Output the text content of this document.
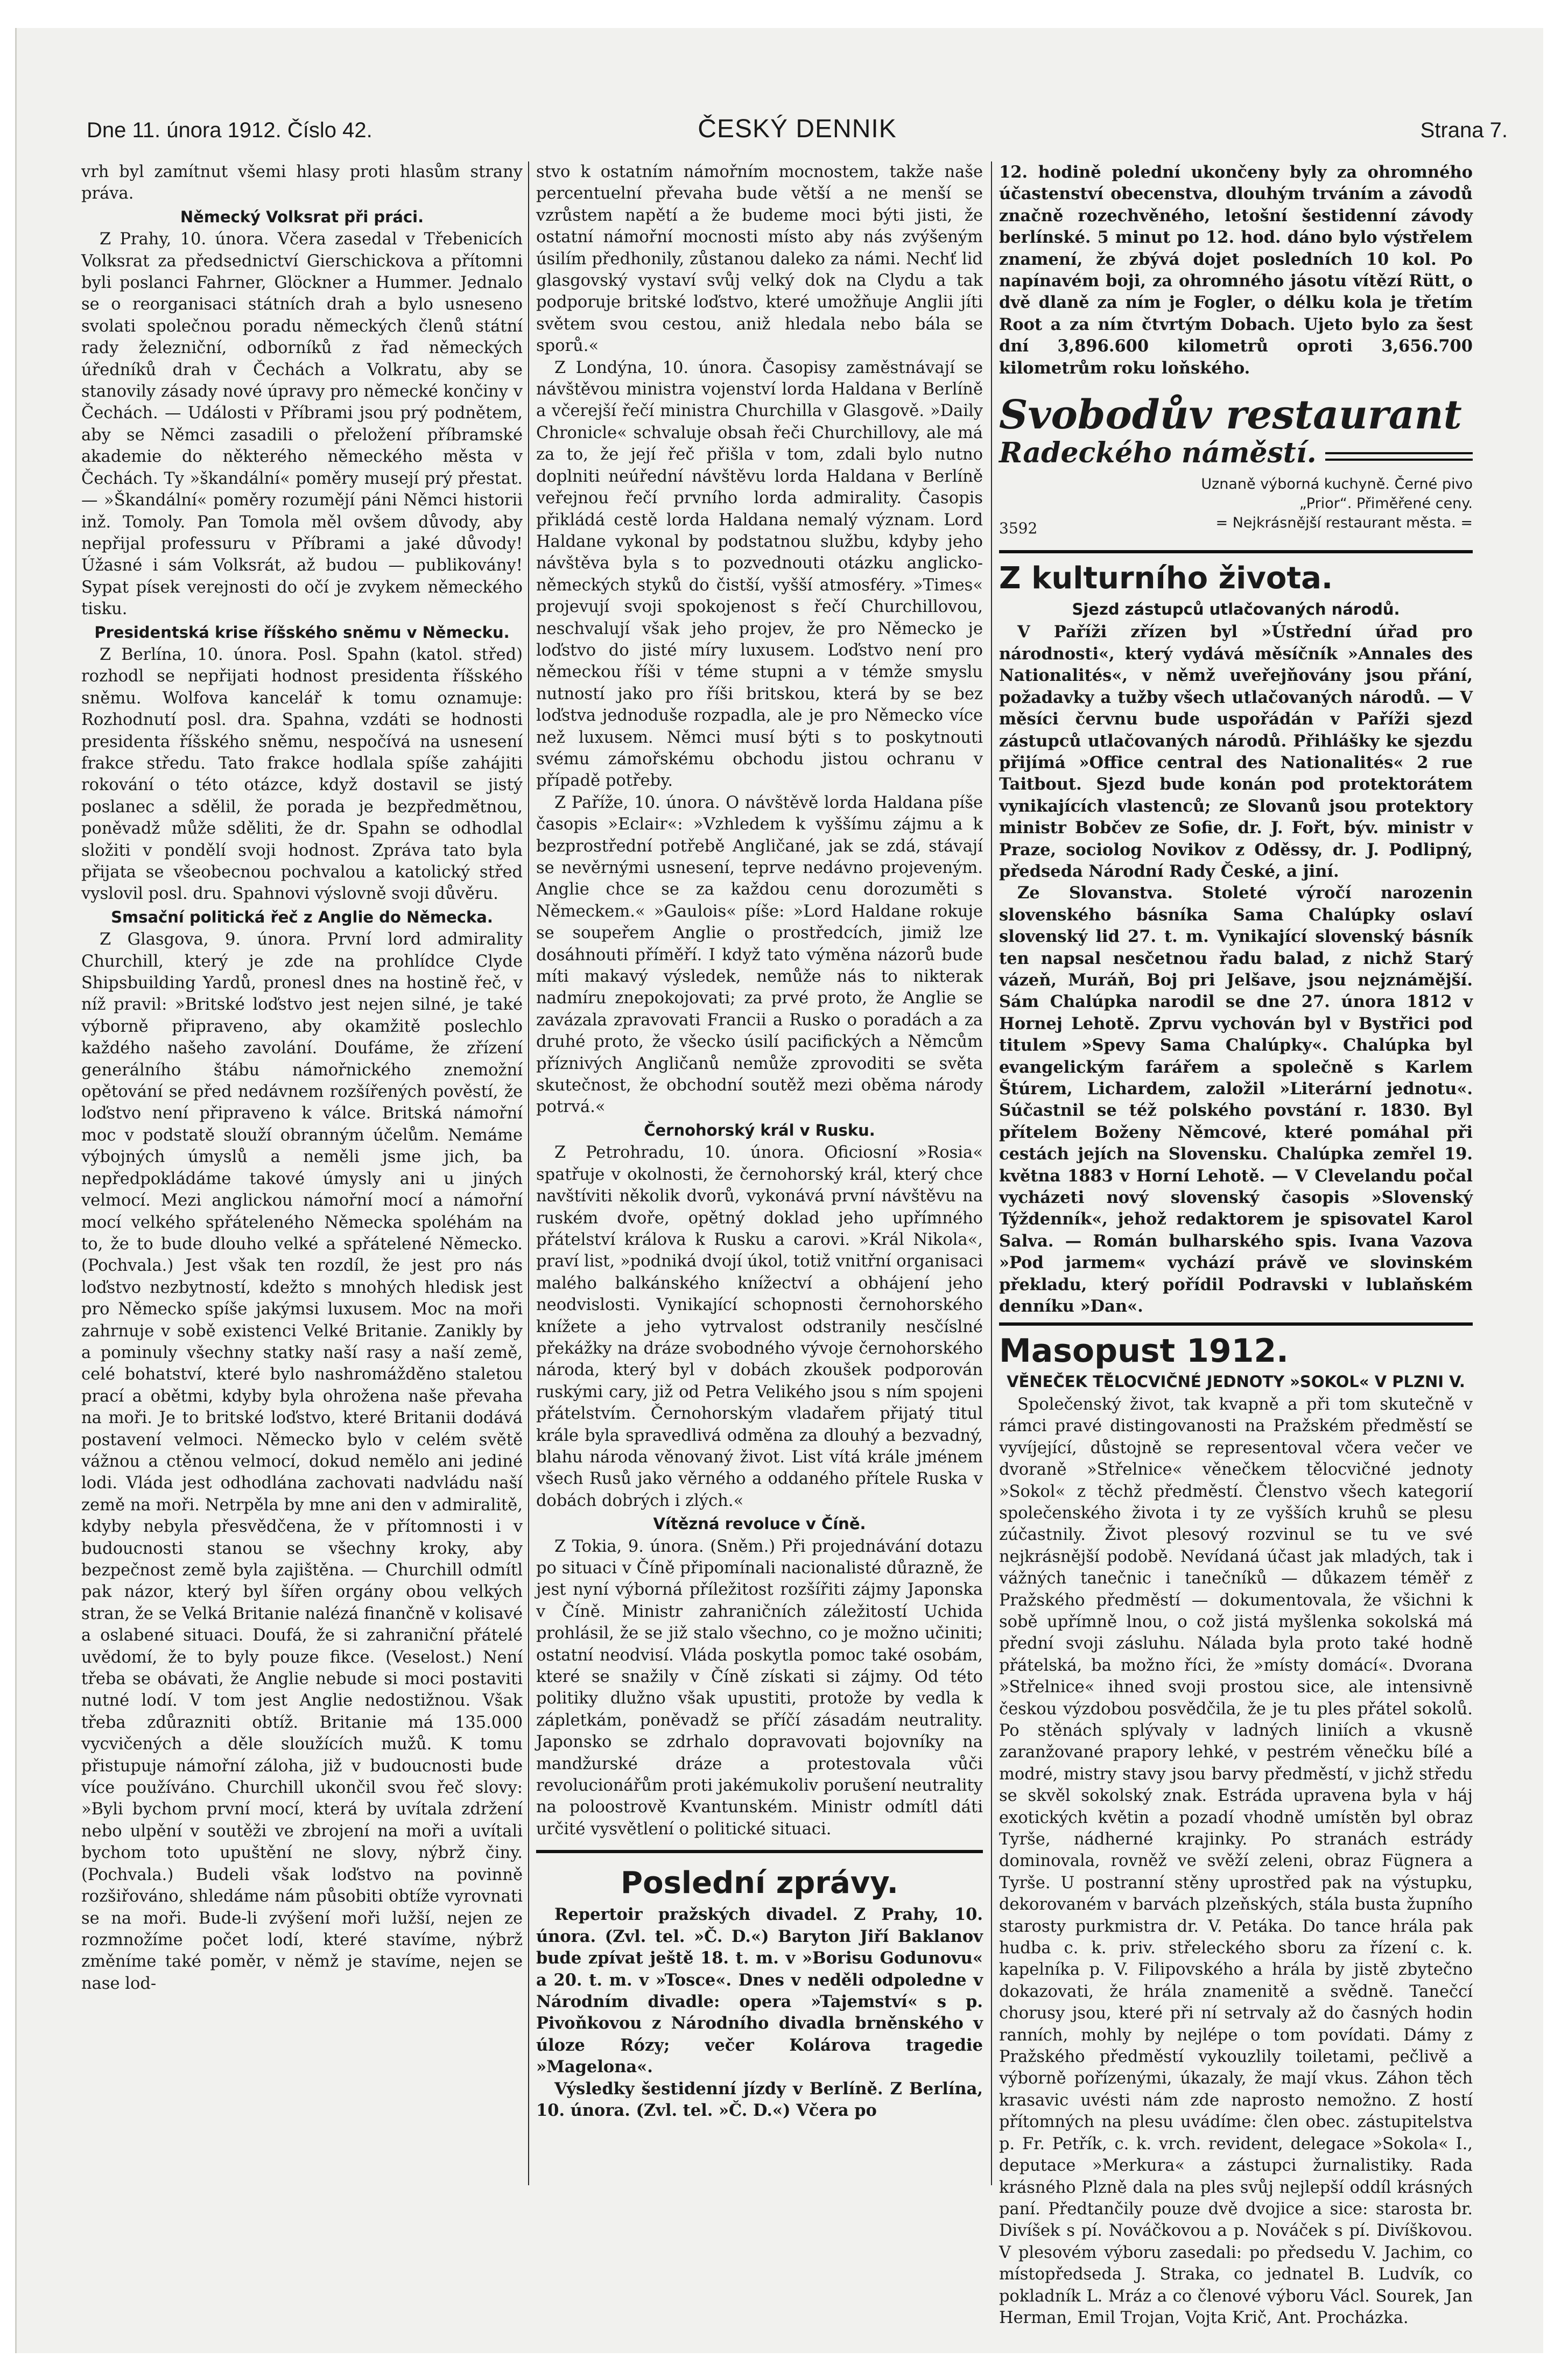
Dne 11. února 1912. Číslo 42.	ČESKÝ DENNIK	Strana 7.

vrh byl zamítnut všemi hlasy proti hlasům strany práva.

Německý Volksrat při práci.

Z Prahy, 10. února. Včera zasedal v Třebenicích Volksrat za předsednictví Gierschickova a přítomni byli poslanci Fahrner, Glöckner a Hummer. Jednalo se o reorganisaci státních drah a bylo usneseno svolati společnou poradu německých členů státní rady železniční, odborníků z řad německých úředníků drah v Čechách a Volkratu, aby se stanovily zásady nové úpravy pro německé končiny v Čechách. — Události v Příbrami jsou prý podnětem, aby se Němci zasadili o přeložení příbramské akademie do některého německého města v Čechách. Ty »škandální« poměry musejí prý přestat. — »Škandální« poměry rozumějí páni Němci historii inž. Tomoly. Pan Tomola měl ovšem důvody, aby nepřijal professuru v Příbrami a jaké důvody! Úžasné i sám Volksrát, až budou — publikovány! Sypat písek verejnosti do očí je zvykem německého tisku.

Presidentská krise říšského sněmu v Německu.

Z Berlína, 10. února. Posl. Spahn (katol. střed) rozhodl se nepřijati hodnost presidenta říšského sněmu. Wolfova kancelář k tomu oznamuje: Rozhodnutí posl. dra. Spahna, vzdáti se hodnosti presidenta říšského sněmu, nespočívá na usnesení frakce středu. Tato frakce hodlala spíše zahájiti rokování o této otázce, když dostavil se jistý poslanec a sdělil, že porada je bezpředmětnou, poněvadž může sděliti, že dr. Spahn se odhodlal složiti v pondělí svoji hodnost. Zpráva tato byla přijata se všeobecnou pochvalou a katolický střed vyslovil posl. dru. Spahnovi výslovně svoji důvěru.

Smsační politická řeč z Anglie do Německa.

Z Glasgova, 9. února. První lord admirality Churchill, který je zde na prohlídce Clyde Shipsbuilding Yardů, pronesl dnes na hostině řeč, v níž pravil: »Britské loďstvo jest nejen silné, je také výborně připraveno, aby okamžitě poslechlo každého našeho zavolání. Doufáme, že zřízení generálního štábu námořnického znemožní opětování se před nedávnem rozšířených pověstí, že loďstvo není připraveno k válce. Britská námořní moc v podstatě slouží obranným účelům. Nemáme výbojných úmyslů a neměli jsme jich, ba nepředpokládáme takové úmysly ani u jiných velmocí. Mezi anglickou námořní mocí a námořní mocí velkého spřáteleného Německa spoléhám na to, že to bude dlouho velké a spřátelené Německo. (Pochvala.) Jest však ten rozdíl, že jest pro nás loďstvo nezbytností, kdežto s mnohých hledisk jest pro Německo spíše jakýmsi luxusem. Moc na moři zahrnuje v sobě existenci Velké Britanie. Zanikly by a pominuly všechny statky naší rasy a naší země, celé bohatství, které bylo nashromážděno staletou prací a obětmi, kdyby byla ohrožena naše převaha na moři. Je to britské loďstvo, které Britanii dodává postavení velmoci. Německo bylo v celém světě vážnou a ctěnou velmocí, dokud nemělo ani jediné lodi. Vláda jest odhodlána zachovati nadvládu naší země na moři. Netrpěla by mne ani den v admiralitě, kdyby nebyla přesvědčena, že v přítomnosti i v budoucnosti stanou se všechny kroky, aby bezpečnost země byla zajištěna. — Churchill odmítl pak názor, který byl šířen orgány obou velkých stran, že se Velká Britanie nalézá finančně v kolisavé a oslabené situaci. Doufá, že si zahraniční přátelé uvědomí, že to byly pouze fikce. (Veselost.) Není třeba se obávati, že Anglie nebude si moci postaviti nutné lodí. V tom jest Anglie nedostižnou. Však třeba zdůrazniti obtíž. Britanie má 135.000 vycvičených a děle sloužících mužů. K tomu přistupuje námořní záloha, již v budoucnosti bude více používáno. Churchill ukončil svou řeč slovy: »Byli bychom první mocí, která by uvítala zdržení nebo ulpění v soutěži ve zbrojení na moři a uvítali bychom toto upuštění ne slovy, nýbrž činy. (Pochvala.) Budeli však loďstvo na povinně rozšiřováno, shledáme nám působiti obtíže vyrovnati se na moři. Bude-li zvýšení moři lužší, nejen ze rozmnožíme počet lodí, které stavíme, nýbrž změníme také poměr, v němž je stavíme, nejen se nase lod-

stvo k ostatním námořním mocnostem, takže naše percentuelní převaha bude větší a ne menší se vzrůstem napětí a že budeme moci býti jisti, že ostatní námořní mocnosti místo aby nás zvýšeným úsilím předhonily, zůstanou daleko za námi. Nechť lid glasgovský vystaví svůj velký dok na Clydu a tak podporuje britské loďstvo, které umožňuje Anglii jíti světem svou cestou, aniž hledala nebo bála se sporů.«

Z Londýna, 10. února. Časopisy zaměstnávají se návštěvou ministra vojenství lorda Haldana v Berlíně a včerejší řečí ministra Churchilla v Glasgově. »Daily Chronicle« schvaluje obsah řeči Churchillovy, ale má za to, že její řeč přišla v tom, zdali bylo nutno doplniti neúřední návštěvu lorda Haldana v Berlíně veřejnou řečí prvního lorda admirality. Časopis přikládá cestě lorda Haldana nemalý význam. Lord Haldane vykonal by podstatnou službu, kdyby jeho návštěva byla s to pozvednouti otázku anglicko-německých styků do čistší, vyšší atmosféry. »Times« projevují svoji spokojenost s řečí Churchillovou, neschvalují však jeho projev, že pro Německo je loďstvo do jisté míry luxusem. Loďstvo není pro německou říši v téme stupni a v témže smyslu nutností jako pro říši britskou, která by se bez loďstva jednoduše rozpadla, ale je pro Německo více než luxusem. Němci musí býti s to poskytnouti svému zámořskému obchodu jistou ochranu v případě potřeby.

Z Paříže, 10. února. O návštěvě lorda Haldana píše časopis »Eclair«: »Vzhledem k vyššímu zájmu a k bezprostřední potřebě Angličané, jak se zdá, stávají se nevěrnými usnesení, teprve nedávno projeveným. Anglie chce se za každou cenu dorozuměti s Německem.« »Gaulois« píše: »Lord Haldane rokuje se soupeřem Anglie o prostředcích, jimiž lze dosáhnouti příměří. I když tato výměna názorů bude míti makavý výsledek, nemůže nás to nikterak nadmíru znepokojovati; za prvé proto, že Anglie se zavázala zpravovati Francii a Rusko o poradách a za druhé proto, že všecko úsilí pacifických a Němcům příznivých Angličanů nemůže zprovoditi se světa skutečnost, že obchodní soutěž mezi oběma národy potrvá.«

Černohorský král v Rusku.

Z Petrohradu, 10. února. Oficiosní »Rosia« spatřuje v okolnosti, že černohorský král, který chce navštíviti několik dvorů, vykonává první návštěvu na ruském dvoře, opětný doklad jeho upřímného přátelství králova k Rusku a carovi. »Král Nikola«, praví list, »podniká dvojí úkol, totiž vnitřní organisaci malého balkánského knížectví a obhájení jeho neodvislosti. Vynikající schopnosti černohorského knížete a jeho vytrvalost odstranily nesčíslné překážky na dráze svobodného vývoje černohorského národa, který byl v dobách zkoušek podporován ruskými cary, již od Petra Velikého jsou s ním spojeni přátelstvím. Černohorským vladařem přijatý titul krále byla spravedlivá odměna za dlouhý a bezvadný, blahu národa věnovaný život. List vítá krále jménem všech Rusů jako věrného a oddaného přítele Ruska v dobách dobrých i zlých.«

Vítězná revoluce v Číně.

Z Tokia, 9. února. (Sněm.) Při projednávání dotazu po situaci v Číně připomínali nacionalisté důrazně, že jest nyní výborná příležitost rozšířiti zájmy Japonska v Číně. Ministr zahraničních záležitostí Uchida prohlásil, že se již stalo všechno, co je možno učiniti; ostatní neodvisí. Vláda poskytla pomoc také osobám, které se snažily v Číně získati si zájmy. Od této politiky dlužno však upustiti, protože by vedla k zápletkám, poněvadž se příčí zásadám neutrality. Japonsko se zdrhalo dopravovati bojovníky na mandžurské dráze a protestovala vůči revolucionářům proti jakémukoliv porušení neutrality na poloostrově Kvantunském. Ministr odmítl dáti určité vysvětlení o politické situaci.

Poslední zprávy.

Repertoir pražských divadel. Z Prahy, 10. února. (Zvl. tel. »Č. D.«) Baryton Jiří Baklanov bude zpívat ještě 18. t. m. v »Borisu Godunovu« a 20. t. m. v »Tosce«. Dnes v neděli odpoledne v Národním divadle: opera »Tajemství« s p. Pivoňkovou z Národního divadla brněnského v úloze Rózy; večer Kolárova tragedie »Magelona«.

Výsledky šestidenní jízdy v Berlíně. Z Berlína, 10. února. (Zvl. tel. »Č. D.«) Včera po

12. hodině polední ukončeny byly za ohromného účastenství obecenstva, dlouhým trváním a závodů značně rozechvěného, letošní šestidenní závody berlínské. 5 minut po 12. hod. dáno bylo výstřelem znamení, že zbývá dojet posledních 10 kol. Po napínavém boji, za ohromného jásotu vítězí Rütt, o dvě dlaně za ním je Fogler, o délku kola je třetím Root a za ním čtvrtým Dobach. Ujeto bylo za šest dní 3,896.600 kilometrů oproti 3,656.700 kilometrům roku loňského.

Svobodův restaurant
Radeckého náměstí.
3592
Uznaně výborná kuchyně. Černé pivo „Prior“. Přiměřené ceny.
= Nejkrásnější restaurant města. =
Z kulturního života.
Sjezd zástupců utlačovaných národů.

V Paříži zřízen byl »Ústřední úřad pro národnosti«, který vydává měsíčník »Annales des Nationalités«, v němž uveřejňovány jsou přání, požadavky a tužby všech utlačovaných národů. — V měsíci červnu bude uspořádán v Paříži sjezd zástupců utlačovaných národů. Přihlášky ke sjezdu přijímá »Office central des Nationalités« 2 rue Taitbout. Sjezd bude konán pod protektorátem vynikajících vlastenců; ze Slovanů jsou protektory ministr Bobčev ze Sofie, dr. J. Fořt, býv. ministr v Praze, sociolog Novikov z Oděssy, dr. J. Podlipný, předseda Národní Rady České, a jiní.

Ze Slovanstva. Stoleté výročí narozenin slovenského básníka Sama Chalúpky oslaví slovenský lid 27. t. m. Vynikající slovenský básník ten napsal nesčetnou řadu balad, z nichž Starý vázeň, Muráň, Boj pri Jelšave, jsou nejznámější. Sám Chalúpka narodil se dne 27. února 1812 v Hornej Lehotě. Zprvu vychován byl v Bystřici pod titulem »Spevy Sama Chalúpky«. Chalúpka byl evangelickým farářem a společně s Karlem Štúrem, Lichardem, založil »Literární jednotu«. Súčastnil se též polského povstání r. 1830. Byl přítelem Boženy Němcové, které pomáhal při cestách jejích na Slovensku. Chalúpka zemřel 19. května 1883 v Horní Lehotě. — V Clevelandu počal vycházeti nový slovenský časopis »Slovenský Týždenník«, jehož redaktorem je spisovatel Karol Salva. — Román bulharského spis. Ivana Vazova »Pod jarmem« vychází právě ve slovinském překladu, který pořídil Podravski v lublaňském denníku »Dan«.

Masopust 1912.
VĚNEČEK TĚLOCVIČNÉ JEDNOTY »SOKOL« V PLZNI V.

Společenský život, tak kvapně a při tom skutečně v rámci pravé distingovanosti na Pražském předměstí se vyvíjející, důstojně se representoval včera večer ve dvoraně »Střelnice« věnečkem tělocvičné jednoty »Sokol« z těchž předměstí. Členstvo všech kategorií společenského života i ty ze vyšších kruhů se plesu zúčastnily. Život plesový rozvinul se tu ve své nejkrásnější podobě. Nevídaná účast jak mladých, tak i vážných tanečnic i tanečníků — důkazem téměř z Pražského předměstí — dokumentovala, že všichni k sobě upřímně lnou, o což jistá myšlenka sokolská má přední svoji zásluhu. Nálada byla proto také hodně přátelská, ba možno říci, že »místy domácí«. Dvorana »Střelnice« ihned svoji prostou sice, ale intensivně českou výzdobou posvědčila, že je tu ples přátel sokolů. Po stěnách splývaly v ladných liniích a vkusně zaranžované prapory lehké, v pestrém věnečku bílé a modré, mistry stavy jsou barvy předměstí, v jichž středu se skvěl sokolský znak. Estráda upravena byla v háj exotických květin a pozadí vhodně umístěn byl obraz Tyrše, nádherné krajinky. Po stranách estrády dominovala, rovněž ve svěží zeleni, obraz Fügnera a Tyrše. U postranní stěny uprostřed pak na výstupku, dekorovaném v barvách plzeňských, stála busta župního starosty purkmistra dr. V. Petáka. Do tance hrála pak hudba c. k. priv. střeleckého sboru za řízení c. k. kapelníka p. V. Filipovského a hrála by jistě zbytečno dokazovati, že hrála znamenitě a svědně. Tanečcí chorusy jsou, které při ní setrvaly až do časných hodin ranních, mohly by nejlépe o tom povídati. Dámy z Pražského předměstí vykouzlily toiletami, pečlivě a výborně pořízenými, úkazaly, že mají vkus. Záhon těch krasavic uvésti nám zde naprosto nemožno. Z hostí přítomných na plesu uvádíme: člen obec. zástupitelstva p. Fr. Petřík, c. k. vrch. revident, delegace »Sokola« I., deputace »Merkura« a zástupci žurnalistiky. Rada krásného Plzně dala na ples svůj nejlepší oddíl krásných paní. Předtančily pouze dvě dvojice a sice: starosta br. Divíšek s pí. Nováčkovou a p. Nováček s pí. Divíškovou. V plesovém výboru zasedali: po předsedu V. Jachim, co místopředseda J. Straka, co jednatel B. Ludvík, co pokladník L. Mráz a co členové výboru Václ. Sourek, Jan Herman, Emil Trojan, Vojta Krič, Ant. Procházka.
